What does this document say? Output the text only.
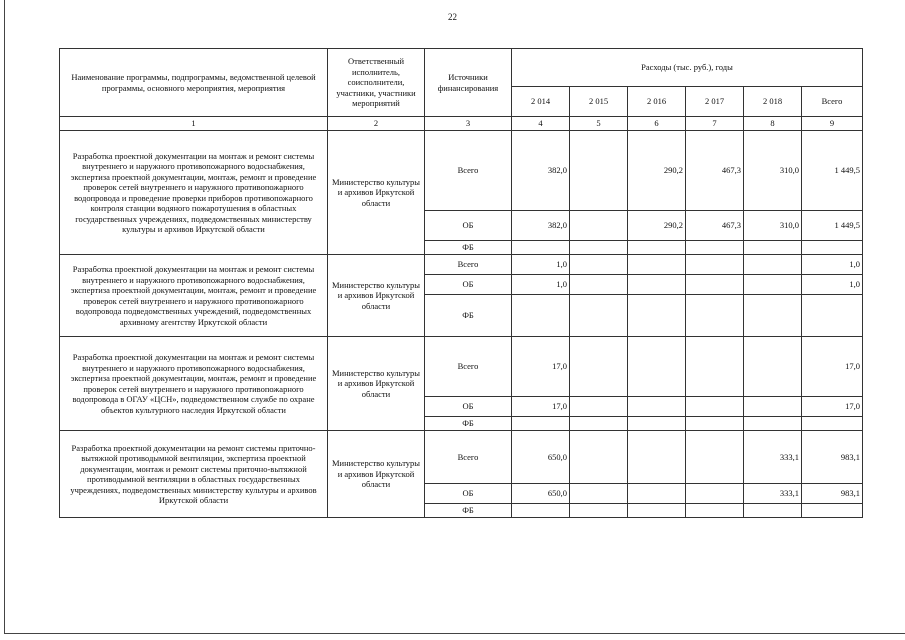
22
Наименование программы, подпрограммы, ведомственной целевой программы, основного мероприятия, мероприятия	Ответственный исполнитель, соисполнители, участники, участники мероприятий	Источники финансирования	Расходы (тыс. руб.), годы					
			2 014	2 015	2 016	2 017	2 018	Всего
1	2	3	4	5	6	7	8	9
Разработка проектной документации на монтаж и ремонт системы внутреннего и наружного противопожарного водоснабжения, экспертиза проектной документации, монтаж, ремонт и проведение проверок сетей внутреннего и наружного противопожарного водопровода и проведение проверки приборов противопожарного контроля станции водяного пожаротушения в областных государственных учреждениях, подведомственных министерству культуры и архивов Иркутской области	Министерство культуры и архивов Иркутской области	Всего	382,0		290,2	467,3	310,0	1 449,5
		ОБ	382,0		290,2	467,3	310,0	1 449,5
		ФБ						
Разработка проектной документации на монтаж и ремонт системы внутреннего и наружного противопожарного водоснабжения, экспертиза проектной документации, монтаж, ремонт и проведение проверок сетей внутреннего и наружного противопожарного водопровода подведомственных учреждений, подведомственных архивному агентству Иркутской области	Министерство культуры и архивов Иркутской области	Всего	1,0					1,0
		ОБ	1,0					1,0
		ФБ						
Разработка проектной документации на монтаж и ремонт системы внутреннего и наружного противопожарного водоснабжения, экспертиза проектной документации, монтаж, ремонт и проведение проверок сетей внутреннего и наружного противопожарного водопровода в ОГАУ «ЦСН», подведомственном службе по охране объектов культурного наследия Иркутской области	Министерство культуры и архивов Иркутской области	Всего	17,0					17,0
		ОБ	17,0					17,0
		ФБ						
Разработка проектной документации на ремонт системы приточно-вытяжной противодымной вентиляции, экспертиза проектной документации, монтаж и ремонт системы приточно-вытяжной противодымной вентиляции в областных государственных учреждениях, подведомственных министерству культуры и архивов Иркутской области	Министерство культуры и архивов Иркутской области	Всего	650,0				333,1	983,1
		ОБ	650,0				333,1	983,1
		ФБ						
